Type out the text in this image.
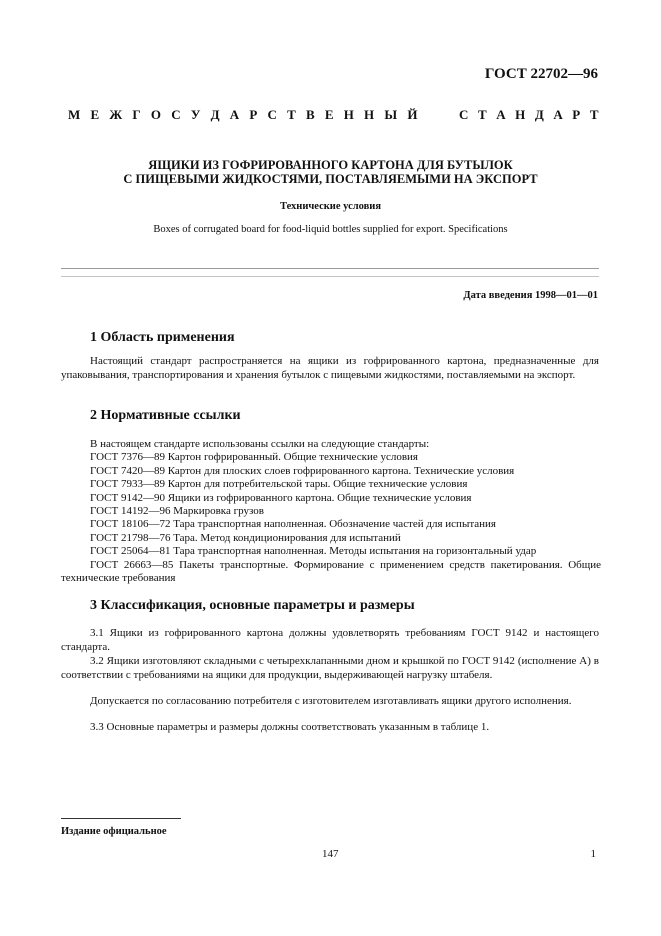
ГОСТ 22702—96
М Е Ж Г О С У Д А Р С Т В Е Н Н Ы Й	С Т А Н Д А Р Т
ЯЩИКИ ИЗ ГОФРИРОВАННОГО КАРТОНА ДЛЯ БУТЫЛОК
С ПИЩЕВЫМИ ЖИДКОСТЯМИ, ПОСТАВЛЯЕМЫМИ НА ЭКСПОРТ
Технические условия
Boxes of corrugated board for food-liquid bottles supplied for export. Specifications
Дата введения 1998—01—01
1 Область применения
Настоящий стандарт распространяется на ящики из гофрированного картона, предназначенные для упаковывания, транспортирования и хранения бутылок с пищевыми жидкостями, поставляемыми на экспорт.
2 Нормативные ссылки
В настоящем стандарте использованы ссылки на следующие стандарты:
ГОСТ 7376—89 Картон гофрированный. Общие технические условия
ГОСТ 7420—89 Картон для плоских слоев гофрированного картона. Технические условия
ГОСТ 7933—89 Картон для потребительской тары. Общие технические условия
ГОСТ 9142—90 Ящики из гофрированного картона. Общие технические условия
ГОСТ 14192—96 Маркировка грузов
ГОСТ 18106—72 Тара транспортная наполненная. Обозначение частей для испытания
ГОСТ 21798—76 Тара. Метод кондиционирования для испытаний
ГОСТ 25064—81 Тара транспортная наполненная. Методы испытания на горизонтальный удар
ГОСТ 26663—85 Пакеты транспортные. Формирование с применением средств пакетирования. Общие технические требования
3 Классификация, основные параметры и размеры
3.1 Ящики из гофрированного картона должны удовлетворять требованиям ГОСТ 9142 и настоящего стандарта.
3.2 Ящики изготовляют складными с четырехклапанными дном и крышкой по ГОСТ 9142 (исполнение А) в соответствии с требованиями на ящики для продукции, выдерживающей нагрузку штабеля.
Допускается по согласованию потребителя с изготовителем изготавливать ящики другого исполнения.
3.3 Основные параметры и размеры должны соответствовать указанным в таблице 1.
Издание официальное
147	1
